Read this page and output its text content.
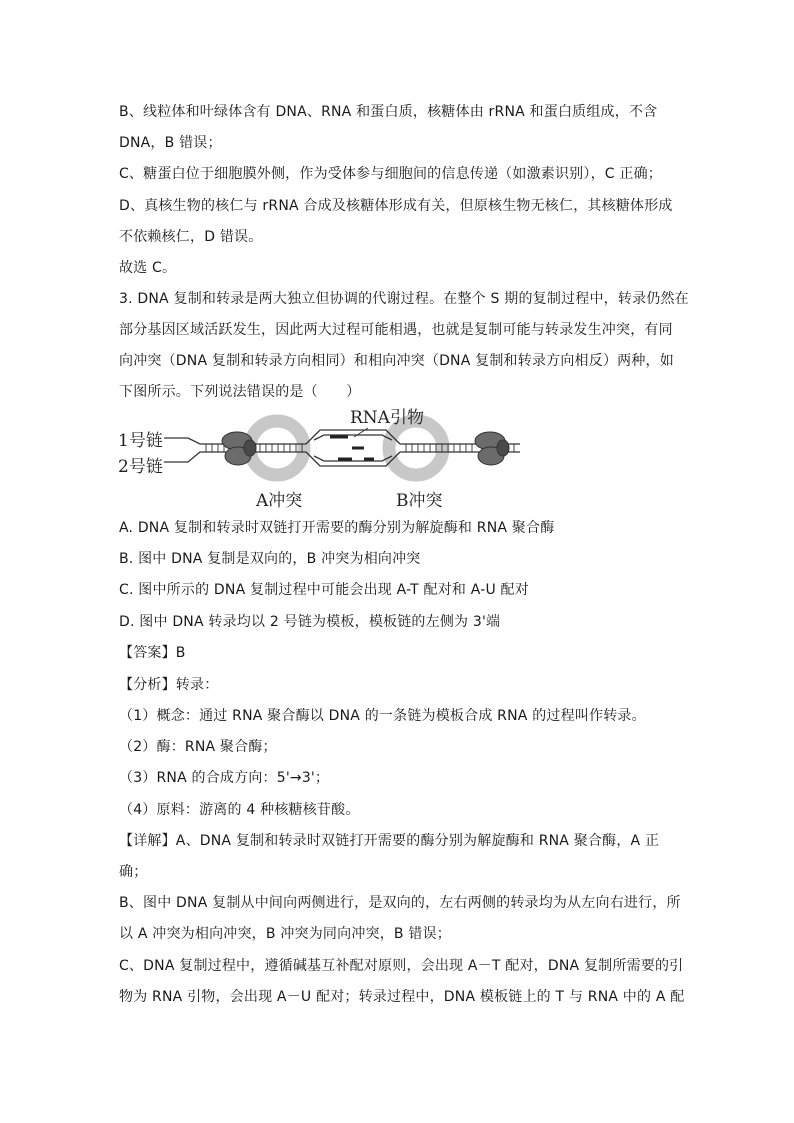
B、线粒体和叶绿体含有 DNA、RNA 和蛋白质，核糖体由 rRNA 和蛋白质组成，不含
DNA，B 错误；
C、糖蛋白位于细胞膜外侧，作为受体参与细胞间的信息传递（如激素识别），C 正确；
D、真核生物的核仁与 rRNA 合成及核糖体形成有关，但原核生物无核仁，其核糖体形成
不依赖核仁，D 错误。
故选 C。
3. DNA 复制和转录是两大独立但协调的代谢过程。在整个 S 期的复制过程中，转录仍然在
部分基因区域活跃发生，因此两大过程可能相遇，也就是复制可能与转录发生冲突，有同
向冲突（DNA 复制和转录方向相同）和相向冲突（DNA 复制和转录方向相反）两种，如
下图所示。下列说法错误的是（　　）
1号链
2号链
RNA引物
A冲突	B冲突
A. DNA 复制和转录时双链打开需要的酶分别为解旋酶和 RNA 聚合酶
B. 图中 DNA 复制是双向的，B 冲突为相向冲突
C. 图中所示的 DNA 复制过程中可能会出现 A-T 配对和 A-U 配对
D. 图中 DNA 转录均以 2 号链为模板，模板链的左侧为 3'端
【答案】B
【分析】转录：
（1）概念：通过 RNA 聚合酶以 DNA 的一条链为模板合成 RNA 的过程叫作转录。
（2）酶：RNA 聚合酶；
（3）RNA 的合成方向：5'→3'；
（4）原料：游离的 4 种核糖核苷酸。
【详解】A、DNA 复制和转录时双链打开需要的酶分别为解旋酶和 RNA 聚合酶，A 正
确；
B、图中 DNA 复制从中间向两侧进行，是双向的，左右两侧的转录均为从左向右进行，所
以 A 冲突为相向冲突，B 冲突为同向冲突，B 错误；
C、DNA 复制过程中，遵循碱基互补配对原则，会出现 A－T 配对，DNA 复制所需要的引
物为 RNA 引物，会出现 A－U 配对；转录过程中，DNA 模板链上的 T 与 RNA 中的 A 配
